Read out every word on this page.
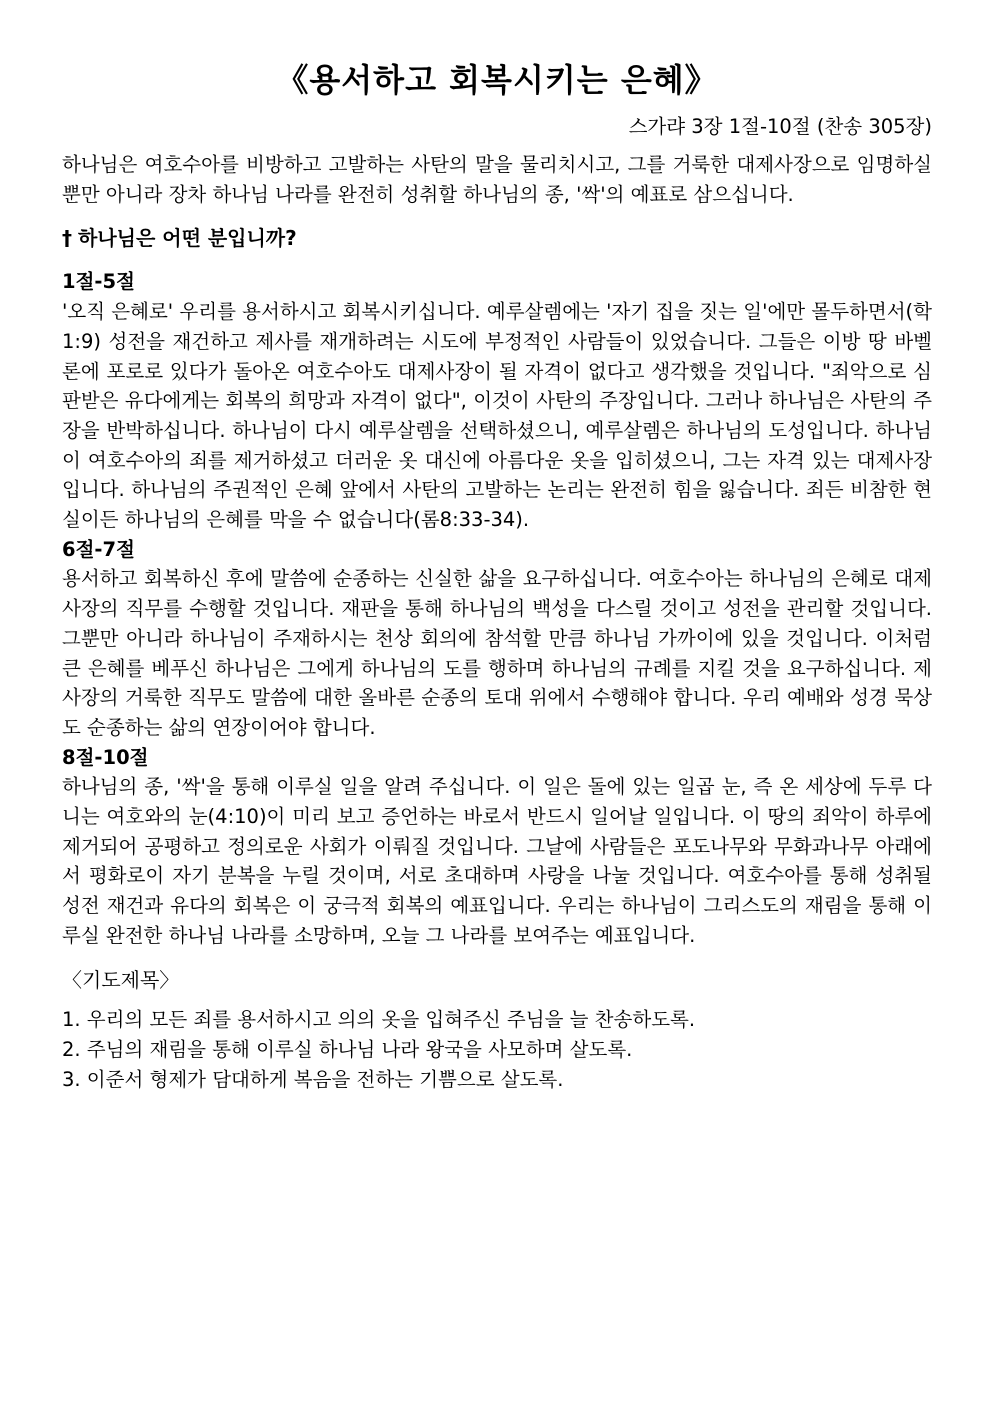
《용서하고 회복시키는 은혜》
스가랴 3장 1절-10절 (찬송 305장)

하나님은 여호수아를 비방하고 고발하는 사탄의 말을 물리치시고, 그를 거룩한 대제사장으로 임명하실 뿐만 아니라 장차 하나님 나라를 완전히 성취할 하나님의 종, '싹'의 예표로 삼으십니다.

† 하나님은 어떤 분입니까?
1절-5절

'오직 은혜로' 우리를 용서하시고 회복시키십니다. 예루살렘에는 '자기 집을 짓는 일'에만 몰두하면서(학1:9) 성전을 재건하고 제사를 재개하려는 시도에 부정적인 사람들이 있었습니다. 그들은 이방 땅 바벨론에 포로로 있다가 돌아온 여호수아도 대제사장이 될 자격이 없다고 생각했을 것입니다. "죄악으로 심판받은 유다에게는 회복의 희망과 자격이 없다", 이것이 사탄의 주장입니다. 그러나 하나님은 사탄의 주장을 반박하십니다. 하나님이 다시 예루살렘을 선택하셨으니, 예루살렘은 하나님의 도성입니다. 하나님이 여호수아의 죄를 제거하셨고 더러운 옷 대신에 아름다운 옷을 입히셨으니, 그는 자격 있는 대제사장입니다. 하나님의 주권적인 은혜 앞에서 사탄의 고발하는 논리는 완전히 힘을 잃습니다. 죄든 비참한 현실이든 하나님의 은혜를 막을 수 없습니다(롬8:33-34).

6절-7절

용서하고 회복하신 후에 말씀에 순종하는 신실한 삶을 요구하십니다. 여호수아는 하나님의 은혜로 대제사장의 직무를 수행할 것입니다. 재판을 통해 하나님의 백성을 다스릴 것이고 성전을 관리할 것입니다. 그뿐만 아니라 하나님이 주재하시는 천상 회의에 참석할 만큼 하나님 가까이에 있을 것입니다. 이처럼 큰 은혜를 베푸신 하나님은 그에게 하나님의 도를 행하며 하나님의 규례를 지킬 것을 요구하십니다. 제사장의 거룩한 직무도 말씀에 대한 올바른 순종의 토대 위에서 수행해야 합니다. 우리 예배와 성경 묵상도 순종하는 삶의 연장이어야 합니다.

8절-10절

하나님의 종, '싹'을 통해 이루실 일을 알려 주십니다. 이 일은 돌에 있는 일곱 눈, 즉 온 세상에 두루 다니는 여호와의 눈(4:10)이 미리 보고 증언하는 바로서 반드시 일어날 일입니다. 이 땅의 죄악이 하루에 제거되어 공평하고 정의로운 사회가 이뤄질 것입니다. 그날에 사람들은 포도나무와 무화과나무 아래에서 평화로이 자기 분복을 누릴 것이며, 서로 초대하며 사랑을 나눌 것입니다. 여호수아를 통해 성취될 성전 재건과 유다의 회복은 이 궁극적 회복의 예표입니다. 우리는 하나님이 그리스도의 재림을 통해 이루실 완전한 하나님 나라를 소망하며, 오늘 그 나라를 보여주는 예표입니다.

〈기도제목〉
1. 우리의 모든 죄를 용서하시고 의의 옷을 입혀주신 주님을 늘 찬송하도록.
2. 주님의 재림을 통해 이루실 하나님 나라 왕국을 사모하며 살도록.
3. 이준서 형제가 담대하게 복음을 전하는 기쁨으로 살도록.
